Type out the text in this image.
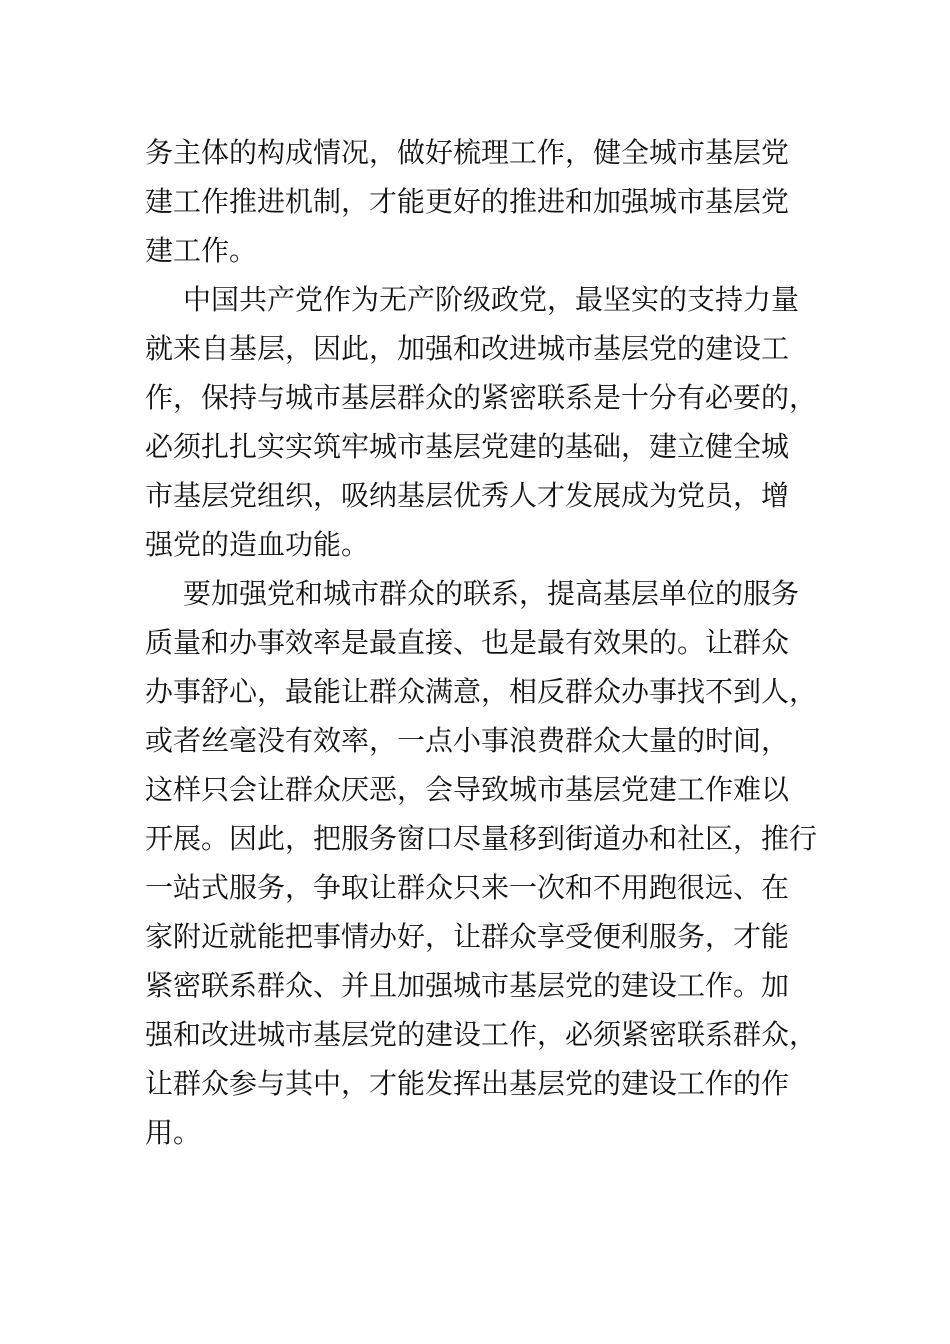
务主体的构成情况，做好梳理工作，健全城市基层党
建工作推进机制，才能更好的推进和加强城市基层党
建工作。
中国共产党作为无产阶级政党，最坚实的支持力量
就来自基层，因此，加强和改进城市基层党的建设工
作，保持与城市基层群众的紧密联系是十分有必要的，
必须扎扎实实筑牢城市基层党建的基础，建立健全城
市基层党组织，吸纳基层优秀人才发展成为党员，增
强党的造血功能。
要加强党和城市群众的联系，提高基层单位的服务
质量和办事效率是最直接、也是最有效果的。让群众
办事舒心，最能让群众满意，相反群众办事找不到人，
或者丝毫没有效率，一点小事浪费群众大量的时间，
这样只会让群众厌恶，会导致城市基层党建工作难以
开展。因此，把服务窗口尽量移到街道办和社区，推行
一站式服务，争取让群众只来一次和不用跑很远、在
家附近就能把事情办好，让群众享受便利服务，才能
紧密联系群众、并且加强城市基层党的建设工作。加
强和改进城市基层党的建设工作，必须紧密联系群众，
让群众参与其中，才能发挥出基层党的建设工作的作
用。
